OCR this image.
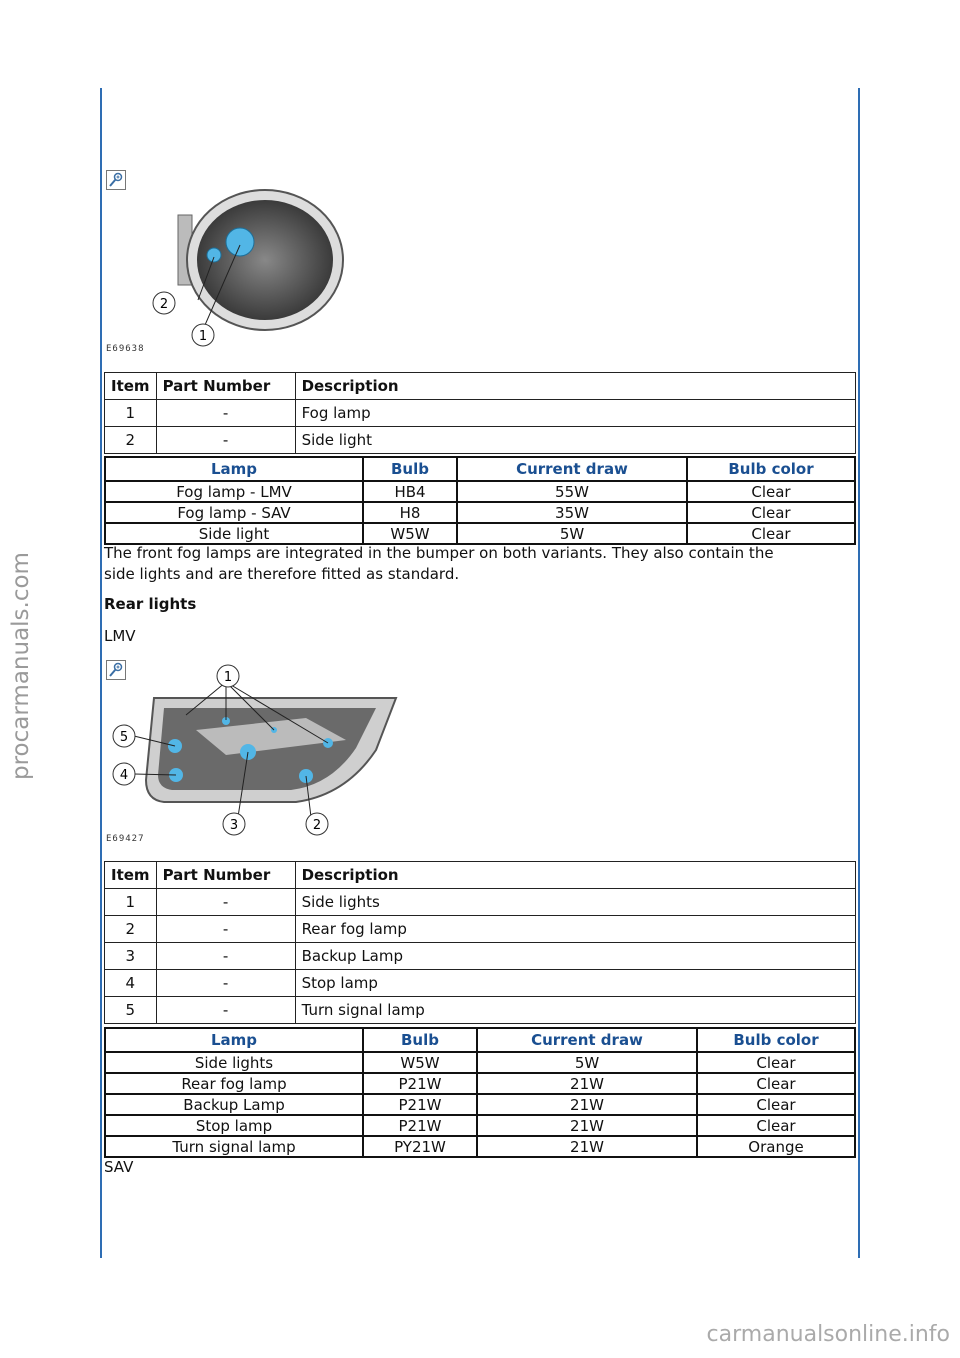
2
1
E69638
Item	Part Number	Description
1	-	Fog lamp
2	-	Side light
Lamp	Bulb	Current draw	Bulb color
Fog lamp - LMV	HB4	55W	Clear
Fog lamp - SAV	H8	35W	Clear
Side light	W5W	5W	Clear
The front fog lamps are integrated in the bumper on both variants. They also contain the
side lights and are therefore fitted as standard.
Rear lights
LMV
1
5
4
3	2
E69427
Item	Part Number	Description
1	-	Side lights
2	-	Rear fog lamp
3	-	Backup Lamp
4	-	Stop lamp
5	-	Turn signal lamp
Lamp	Bulb	Current draw	Bulb color
Side lights	W5W	5W	Clear
Rear fog lamp	P21W	21W	Clear
Backup Lamp	P21W	21W	Clear
Stop lamp	P21W	21W	Clear
Turn signal lamp	PY21W	21W	Orange
SAV
procarmanuals.com
carmanualsonline.info
